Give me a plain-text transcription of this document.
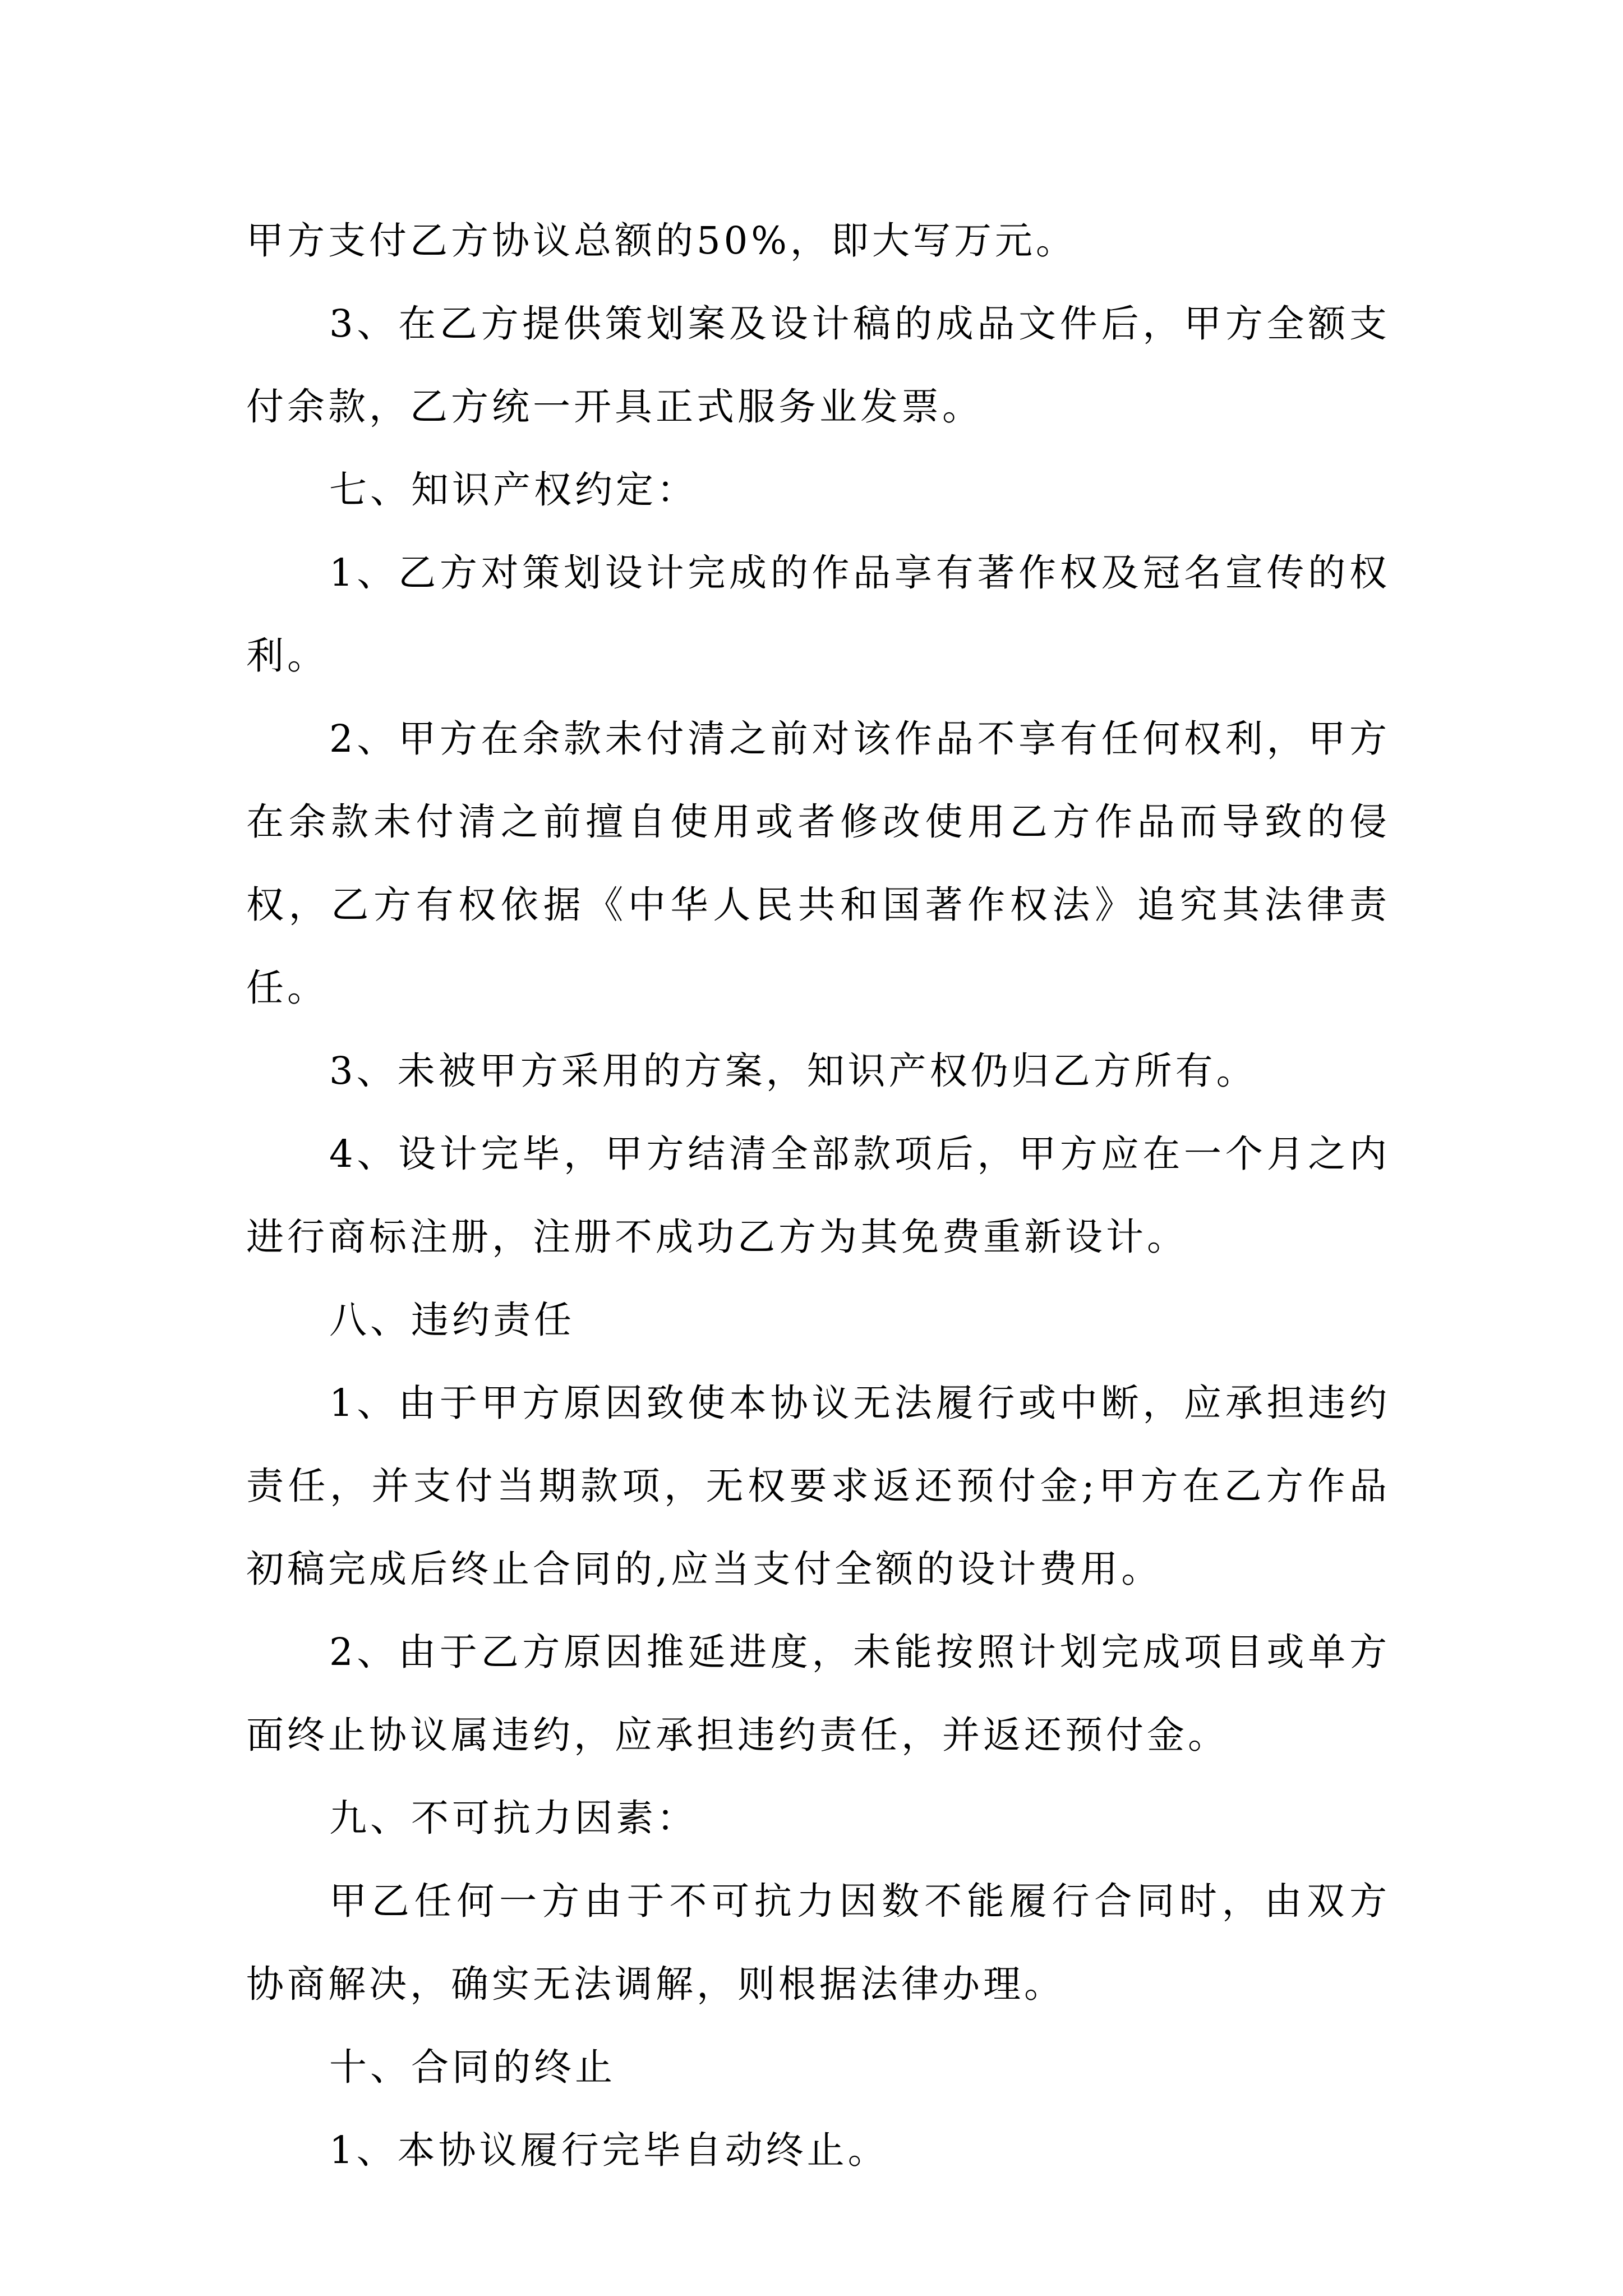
甲方支付乙方协议总额的50%，即大写万元。

3、在乙方提供策划案及设计稿的成品文件后，甲方全额支付余款，乙方统一开具正式服务业发票。

七、知识产权约定：

1、乙方对策划设计完成的作品享有著作权及冠名宣传的权利。

2、甲方在余款未付清之前对该作品不享有任何权利，甲方在余款未付清之前擅自使用或者修改使用乙方作品而导致的侵权，乙方有权依据《中华人民共和国著作权法》追究其法律责任。

3、未被甲方采用的方案，知识产权仍归乙方所有。

4、设计完毕，甲方结清全部款项后，甲方应在一个月之内进行商标注册，注册不成功乙方为其免费重新设计。

八、违约责任

1、由于甲方原因致使本协议无法履行或中断，应承担违约责任，并支付当期款项，无权要求返还预付金;甲方在乙方作品初稿完成后终止合同的,应当支付全额的设计费用。

2、由于乙方原因推延进度，未能按照计划完成项目或单方面终止协议属违约，应承担违约责任，并返还预付金。

九、不可抗力因素：

甲乙任何一方由于不可抗力因数不能履行合同时，由双方协商解决，确实无法调解，则根据法律办理。

十、合同的终止

1、本协议履行完毕自动终止。
